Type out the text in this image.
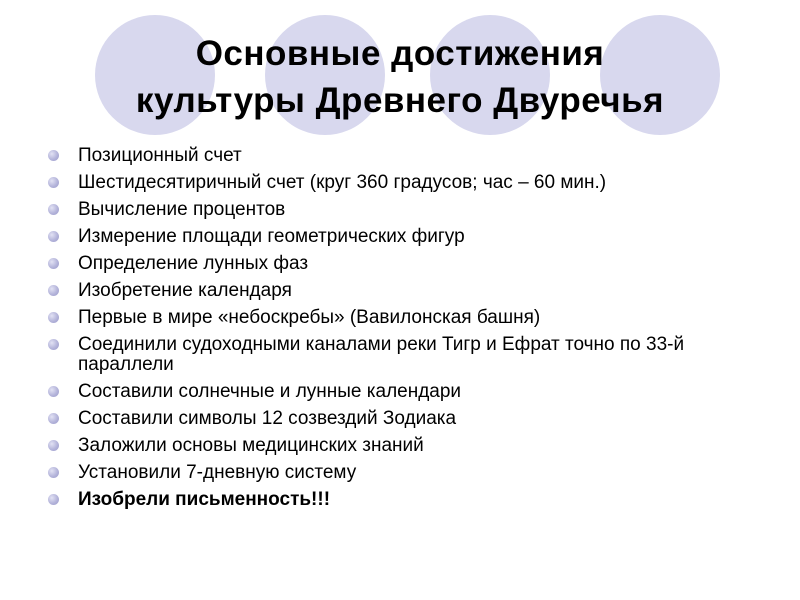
Основные достижения
культуры Древнего Двуречья
Позиционный счет
Шестидесятиричный счет (круг 360 градусов; час – 60 мин.)
Вычисление процентов
Измерение площади геометрических фигур
Определение лунных фаз
Изобретение календаря
Первые в мире «небоскребы» (Вавилонская башня)
Соединили судоходными каналами реки Тигр и Ефрат точно по 33-й параллели
Составили солнечные и лунные календари
Составили символы 12 созвездий Зодиака
Заложили основы медицинских знаний
Установили 7-дневную систему
Изобрели письменность!!!
